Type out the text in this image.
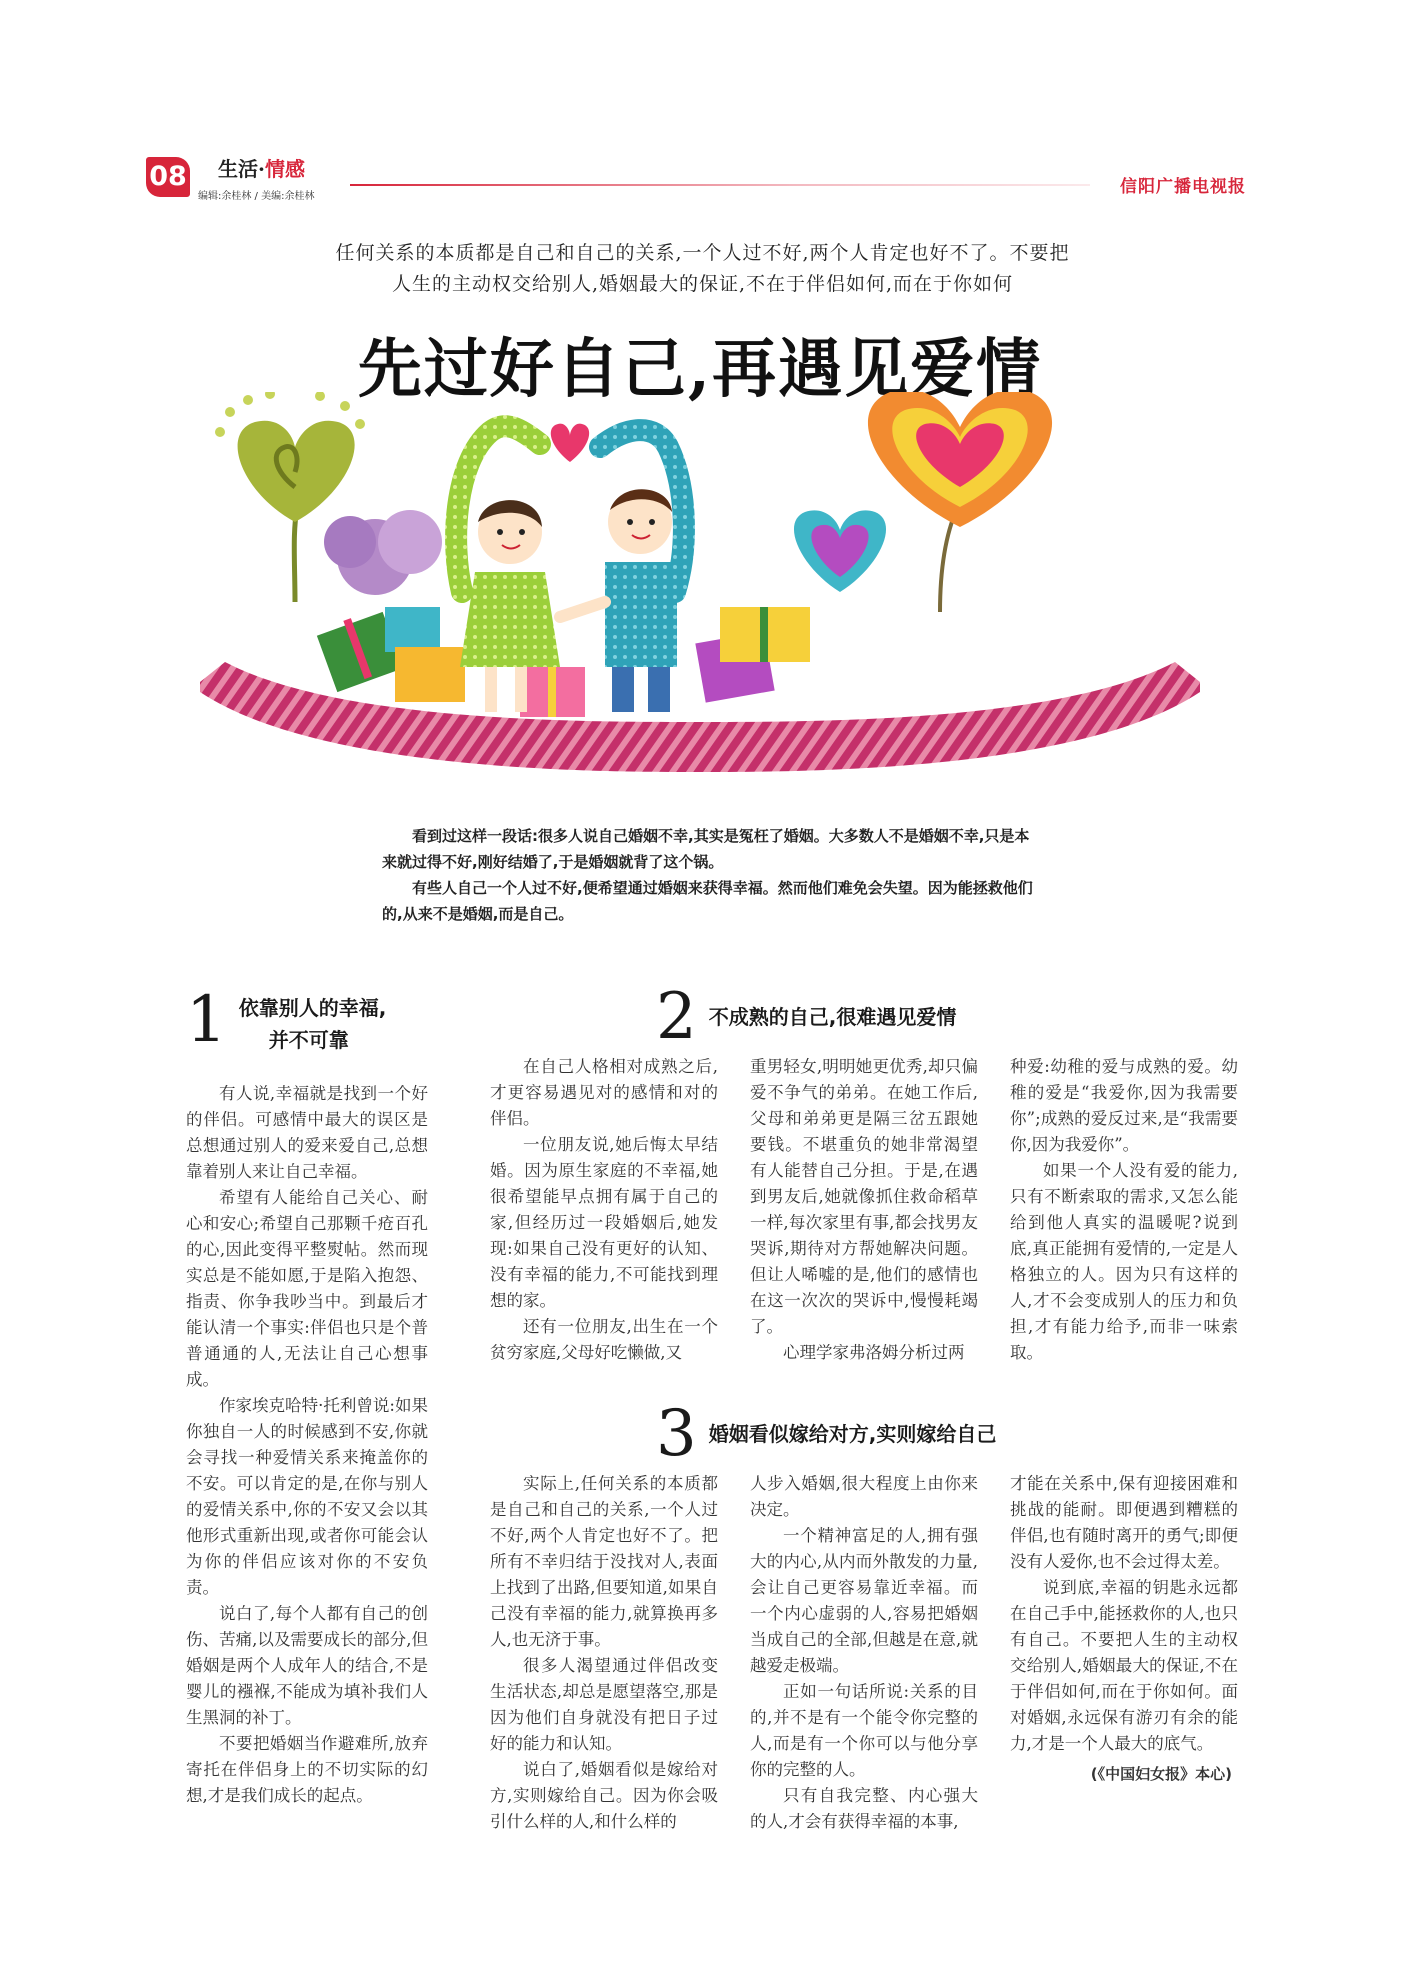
08 生活·情感
编辑:余桂林 / 美编:余桂林	信阳广播电视报
任何关系的本质都是自己和自己的关系,一个人过不好,两个人肯定也好不了。不要把
人生的主动权交给别人,婚姻最大的保证,不在于伴侣如何,而在于你如何
先过好自己,再遇见爱情

看到过这样一段话:很多人说自己婚姻不幸,其实是冤枉了婚姻。大多数人不是婚姻不幸,只是本来就过得不好,刚好结婚了,于是婚姻就背了这个锅。

有些人自己一个人过不好,便希望通过婚姻来获得幸福。然而他们难免会失望。因为能拯救他们的,从来不是婚姻,而是自己。

1 依靠别人的幸福,
并不可靠

有人说,幸福就是找到一个好的伴侣。可感情中最大的误区是总想通过别人的爱来爱自己,总想靠着别人来让自己幸福。

希望有人能给自己关心、耐心和安心;希望自己那颗千疮百孔的心,因此变得平整熨帖。然而现实总是不能如愿,于是陷入抱怨、指责、你争我吵当中。到最后才能认清一个事实:伴侣也只是个普普通通的人,无法让自己心想事成。

作家埃克哈特·托利曾说:如果你独自一人的时候感到不安,你就会寻找一种爱情关系来掩盖你的不安。可以肯定的是,在你与别人的爱情关系中,你的不安又会以其他形式重新出现,或者你可能会认为你的伴侣应该对你的不安负责。

说白了,每个人都有自己的创伤、苦痛,以及需要成长的部分,但婚姻是两个人成年人的结合,不是婴儿的襁褓,不能成为填补我们人生黑洞的补丁。

不要把婚姻当作避难所,放弃寄托在伴侣身上的不切实际的幻想,才是我们成长的起点。

2 不成熟的自己,很难遇见爱情

在自己人格相对成熟之后,才更容易遇见对的感情和对的伴侣。

一位朋友说,她后悔太早结婚。因为原生家庭的不幸福,她很希望能早点拥有属于自己的家,但经历过一段婚姻后,她发现:如果自己没有更好的认知、没有幸福的能力,不可能找到理想的家。

还有一位朋友,出生在一个贫穷家庭,父母好吃懒做,又

重男轻女,明明她更优秀,却只偏爱不争气的弟弟。在她工作后,父母和弟弟更是隔三岔五跟她要钱。不堪重负的她非常渴望有人能替自己分担。于是,在遇到男友后,她就像抓住救命稻草一样,每次家里有事,都会找男友哭诉,期待对方帮她解决问题。但让人唏嘘的是,他们的感情也在这一次次的哭诉中,慢慢耗竭了。

心理学家弗洛姆分析过两

种爱:幼稚的爱与成熟的爱。幼稚的爱是“我爱你,因为我需要你”;成熟的爱反过来,是“我需要你,因为我爱你”。

如果一个人没有爱的能力,只有不断索取的需求,又怎么能给到他人真实的温暖呢?说到底,真正能拥有爱情的,一定是人格独立的人。因为只有这样的人,才不会变成别人的压力和负担,才有能力给予,而非一味索取。

3 婚姻看似嫁给对方,实则嫁给自己

实际上,任何关系的本质都是自己和自己的关系,一个人过不好,两个人肯定也好不了。把所有不幸归结于没找对人,表面上找到了出路,但要知道,如果自己没有幸福的能力,就算换再多人,也无济于事。

很多人渴望通过伴侣改变生活状态,却总是愿望落空,那是因为他们自身就没有把日子过好的能力和认知。

说白了,婚姻看似是嫁给对方,实则嫁给自己。因为你会吸引什么样的人,和什么样的

人步入婚姻,很大程度上由你来决定。

一个精神富足的人,拥有强大的内心,从内而外散发的力量,会让自己更容易靠近幸福。而一个内心虚弱的人,容易把婚姻当成自己的全部,但越是在意,就越爱走极端。

正如一句话所说:关系的目的,并不是有一个能令你完整的人,而是有一个你可以与他分享你的完整的人。

只有自我完整、内心强大的人,才会有获得幸福的本事,

才能在关系中,保有迎接困难和挑战的能耐。即便遇到糟糕的伴侣,也有随时离开的勇气;即便没有人爱你,也不会过得太差。

说到底,幸福的钥匙永远都在自己手中,能拯救你的人,也只有自己。不要把人生的主动权交给别人,婚姻最大的保证,不在于伴侣如何,而在于你如何。面对婚姻,永远保有游刃有余的能力,才是一个人最大的底气。

(《中国妇女报》本心)
